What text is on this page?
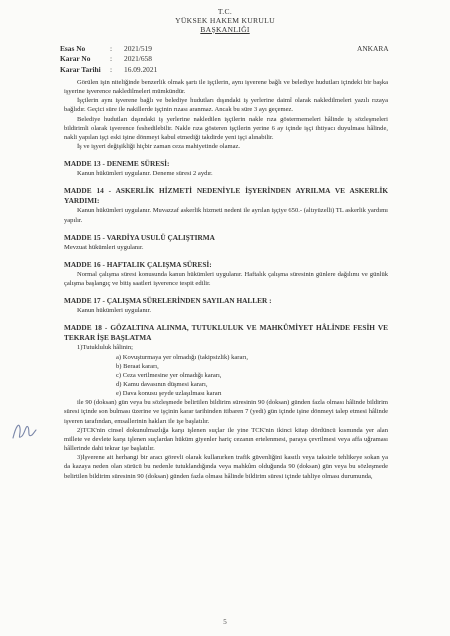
T.C.
YÜKSEK HAKEM KURULU
BAŞKANLIĞI
Esas No	:	2021/519
Karar No	:	2021/658
Karar Tarihi	:	16.09.2021
ANKARA

Görülen işin niteliğinde benzerlik olmak şartı ile işçilerin, aynı işverene bağlı ve belediye hudutları içindeki bir başka işyerine işverence nakledilmeleri mümkündür.

İşçilerin aynı işverene bağlı ve belediye hudutları dışındaki iş yerlerine daimî olarak nakledilmeleri yazılı rızaya bağlıdır. Geçici süre ile nakillerde işçinin rızası aranmaz. Ancak bu süre 3 ayı geçemez.

Belediye hudutları dışındaki iş yerlerine nakledilen işçilerin nakle rıza göstermemeleri hâlinde iş sözleşmeleri bildirimli olarak işverence feshedilebilir. Nakle rıza gösteren işçilerin yerine 6 ay içinde işçi ihtiyacı duyulması hâlinde, nakli yapılan işçi eski işine dönmeyi kabul etmediği takdirde yeni işçi alınabilir.

İş ve işyeri değişikliği hiçbir zaman ceza mahiyetinde olamaz.

MADDE 13 - DENEME SÜRESİ:

Kanun hükümleri uygulanır. Deneme süresi 2 aydır.

MADDE 14 - ASKERLİK HİZMETİ NEDENİYLE İŞYERİNDEN AYRILMA VE ASKERLİK YARDIMI:

Kanun hükümleri uygulanır. Muvazzaf askerlik hizmeti nedeni ile ayrılan işçiye 650.- (altıyüzelli) TL askerlik yardımı yapılır.

MADDE 15 - VARDİYA USULÜ ÇALIŞTIRMA

Mevzuat hükümleri uygulanır.

MADDE 16 - HAFTALIK ÇALIŞMA SÜRESİ:

Normal çalışma süresi konusunda kanun hükümleri uygulanır. Haftalık çalışma süresinin günlere dağılımı ve günlük çalışma başlangıç ve bitiş saatleri işverence tespit edilir.

MADDE 17 - ÇALIŞMA SÜRELERİNDEN SAYILAN HALLER :

Kanun hükümleri uygulanır.

MADDE 18 - GÖZALTINA ALINMA, TUTUKLULUK VE MAHKÛMİYET HÂLİNDE FESİH VE TEKRAR İŞE BAŞLATMA

1)Tutukluluk hâlinin;

a) Kovuşturmaya yer olmadığı (takipsizlik) kararı,

b) Beraat kararı,

c) Ceza verilmesine yer olmadığı kararı,

d) Kamu davasının düşmesi kararı,

e) Dava konusu şeyde uzlaşılması kararı

ile 90 (doksan) gün veya bu sözleşmede belirtilen bildirim süresinin 90 (doksan) günden fazla olması hâlinde bildirim süresi içinde son bulması üzerine ve işçinin karar tarihinden itibaren 7 (yedi) gün içinde işine dönmeyi talep etmesi hâlinde işveren tarafından, emsallerinin hakları ile işe başlatılır.

2)TCK'nin cinsel dokunulmazlığa karşı işlenen suçlar ile yine TCK'nin ikinci kitap dördüncü kısmında yer alan millete ve devlete karşı işlenen suçlardan hüküm giyenler hariç cezanın ertelenmesi, paraya çevrilmesi veya affa uğraması hâllerinde dahi tekrar işe başlatılır.

3)İşverene ait herhangi bir aracı görevli olarak kullanırken trafik güvenliğini kasıtlı veya taksirle tehlikeye sokan ya da kazaya neden olan sürücü bu nedenle tutuklandığında veya mahkûm olduğunda 90 (doksan) gün veya bu sözleşmede belirtilen bildirim süresinin 90 (doksan) günden fazla olması hâlinde bildirim süresi içinde tahliye olması durumunda,

5
